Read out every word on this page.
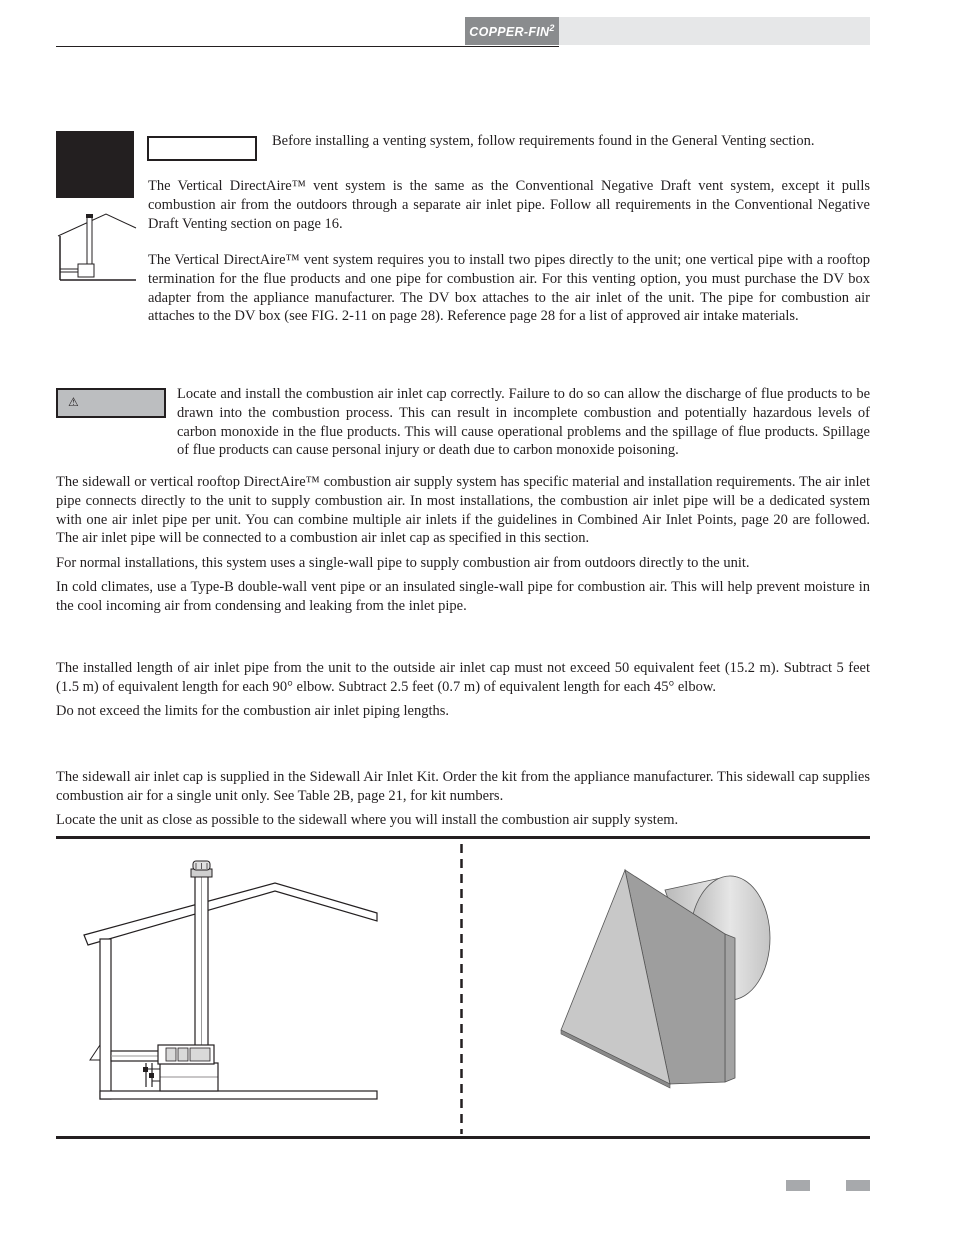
COPPER-FIN$^2$

Before installing a venting system, follow requirements found in the General Venting section.

The Vertical DirectAire™ vent system is the same as the Conventional Negative Draft vent system, except it pulls combustion air from the outdoors through a separate air inlet pipe. Follow all requirements in the Conventional Negative Draft Venting section on page 16.

The Vertical DirectAire™ vent system requires you to install two pipes directly to the unit; one vertical pipe with a rooftop termination for the flue products and one pipe for combustion air. For this venting option, you must purchase the DV box adapter from the appliance manufacturer. The DV box attaches to the air inlet of the unit. The pipe for combustion air attaches to the DV box (see FIG. 2-11 on page 28). Reference page 28 for a list of approved air intake materials.

⚠	Locate and install the combustion air inlet cap correctly. Failure to do so can allow the discharge of flue products to be drawn into the combustion process. This can result in incomplete combustion and potentially hazardous levels of carbon monoxide in the flue products. This will cause operational problems and the spillage of flue products. Spillage of flue products can cause personal injury or death due to carbon monoxide poisoning.

The sidewall or vertical rooftop DirectAire™ combustion air supply system has specific material and installation requirements. The air inlet pipe connects directly to the unit to supply combustion air. In most installations, the combustion air inlet pipe will be a dedicated system with one air inlet pipe per unit. You can combine multiple air inlets if the guidelines in Combined Air Inlet Points, page 20 are followed. The air inlet pipe will be connected to a combustion air inlet cap as specified in this section.

For normal installations, this system uses a single-wall pipe to supply combustion air from outdoors directly to the unit.

In cold climates, use a Type-B double-wall vent pipe or an insulated single-wall pipe for combustion air. This will help prevent moisture in the cool incoming air from condensing and leaking from the inlet pipe.

The installed length of air inlet pipe from the unit to the outside air inlet cap must not exceed 50 equivalent feet (15.2 m). Subtract 5 feet (1.5 m) of equivalent length for each 90° elbow. Subtract 2.5 feet (0.7 m) of equivalent length for each 45° elbow.

Do not exceed the limits for the combustion air inlet piping lengths.

The sidewall air inlet cap is supplied in the Sidewall Air Inlet Kit. Order the kit from the appliance manufacturer. This sidewall cap supplies combustion air for a single unit only. See Table 2B, page 21, for kit numbers.

Locate the unit as close as possible to the sidewall where you will install the combustion air supply system.
